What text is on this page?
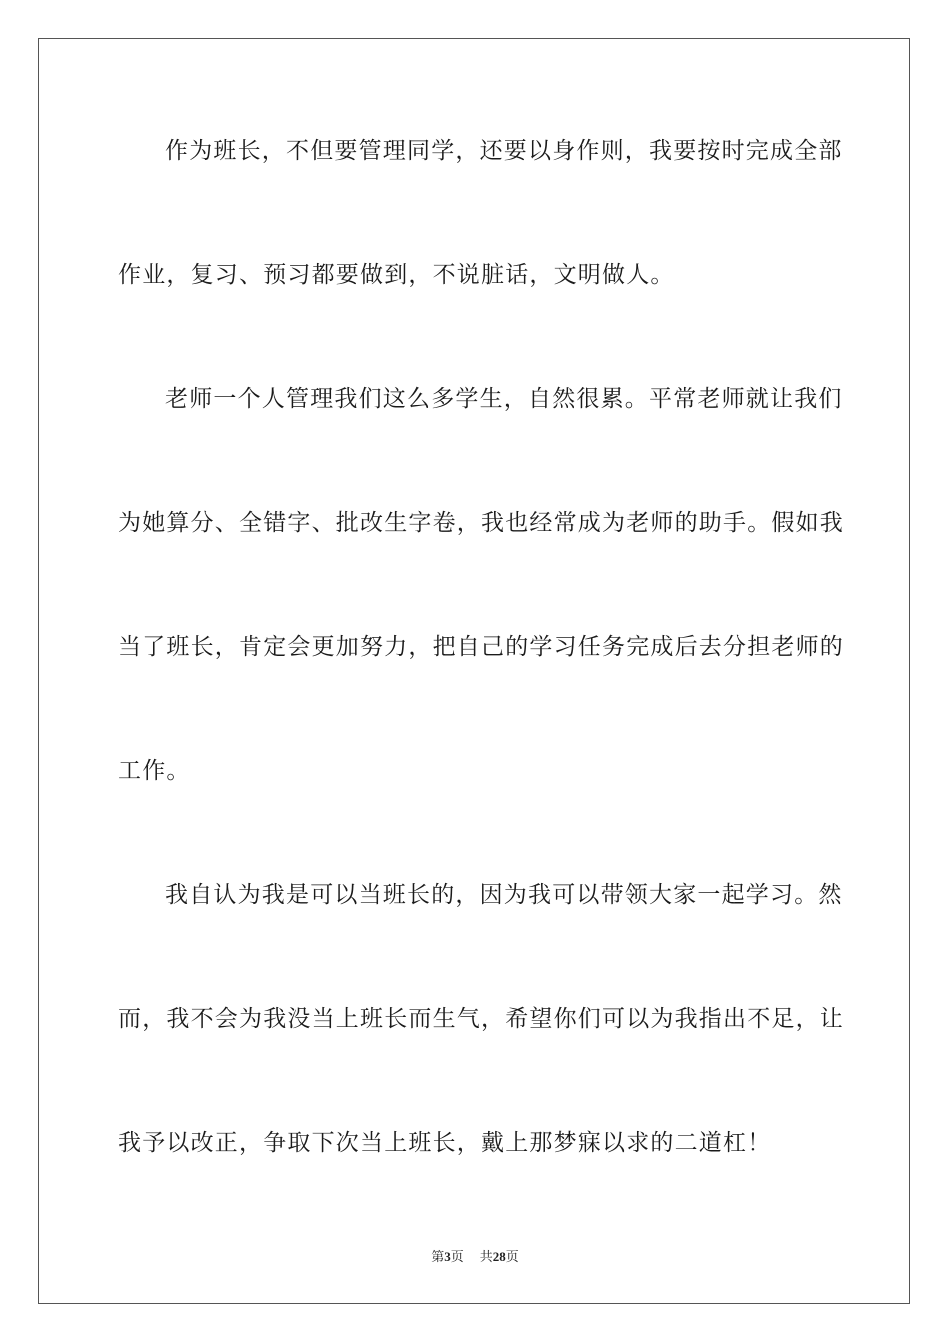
作为班长，不但要管理同学，还要以身作则，我要按时完成全部
作业，复习、预习都要做到，不说脏话，文明做人。
老师一个人管理我们这么多学生，自然很累。平常老师就让我们
为她算分、全错字、批改生字卷，我也经常成为老师的助手。假如我
当了班长，肯定会更加努力，把自己的学习任务完成后去分担老师的
工作。
我自认为我是可以当班长的，因为我可以带领大家一起学习。然
而，我不会为我没当上班长而生气，希望你们可以为我指出不足，让
我予以改正，争取下次当上班长，戴上那梦寐以求的二道杠！
第3页 共28页
